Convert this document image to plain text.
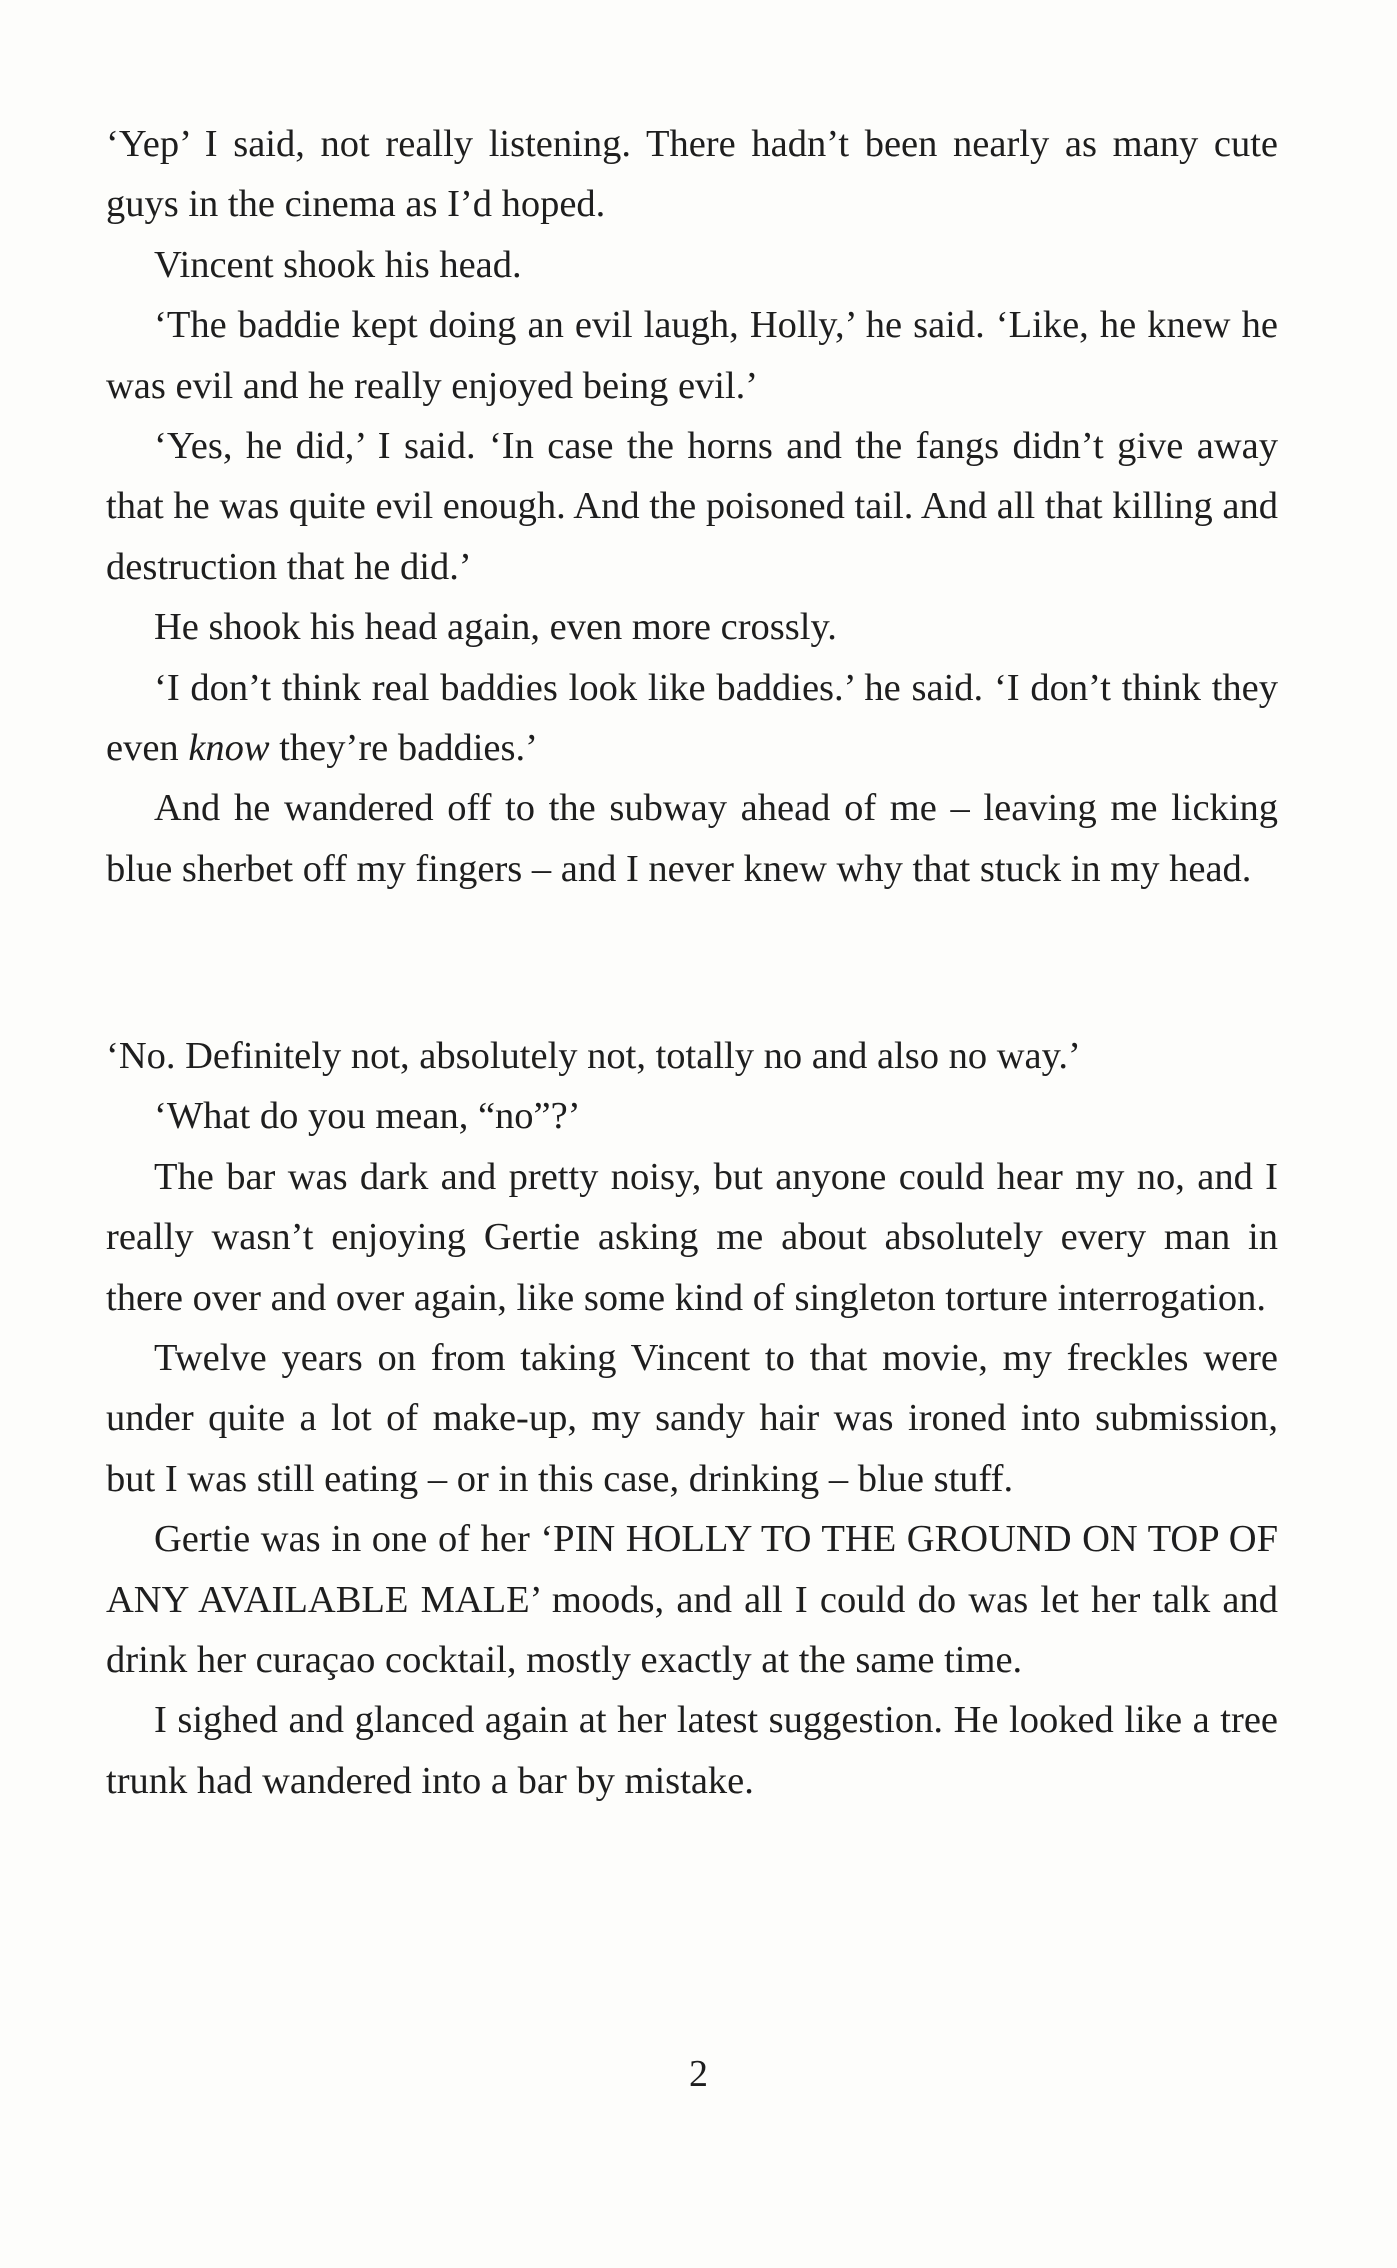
‘Yep’ I said, not really listening. There hadn’t been nearly as many cute guys in the cinema as I’d hoped.

Vincent shook his head.

‘The baddie kept doing an evil laugh, Holly,’ he said. ‘Like, he knew he was evil and he really enjoyed being evil.’

‘Yes, he did,’ I said. ‘In case the horns and the fangs didn’t give away that he was quite evil enough. And the poisoned tail. And all that killing and destruction that he did.’

He shook his head again, even more crossly.

‘I don’t think real baddies look like baddies.’ he said. ‘I don’t think they even know they’re baddies.’

And he wandered off to the subway ahead of me – leaving me licking blue sherbet off my fingers – and I never knew why that stuck in my head.

‘No. Definitely not, absolutely not, totally no and also no way.’

‘What do you mean, “no”?’

The bar was dark and pretty noisy, but anyone could hear my no, and I really wasn’t enjoying Gertie asking me about absolutely every man in there over and over again, like some kind of singleton torture interrogation.

Twelve years on from taking Vincent to that movie, my freckles were under quite a lot of make-up, my sandy hair was ironed into submission, but I was still eating – or in this case, drinking – blue stuff.

Gertie was in one of her ‘PIN HOLLY TO THE GROUND ON TOP OF ANY AVAILABLE MALE’ moods, and all I could do was let her talk and drink her curaçao cocktail, mostly exactly at the same time.

I sighed and glanced again at her latest suggestion. He looked like a tree trunk had wandered into a bar by mistake.

2
